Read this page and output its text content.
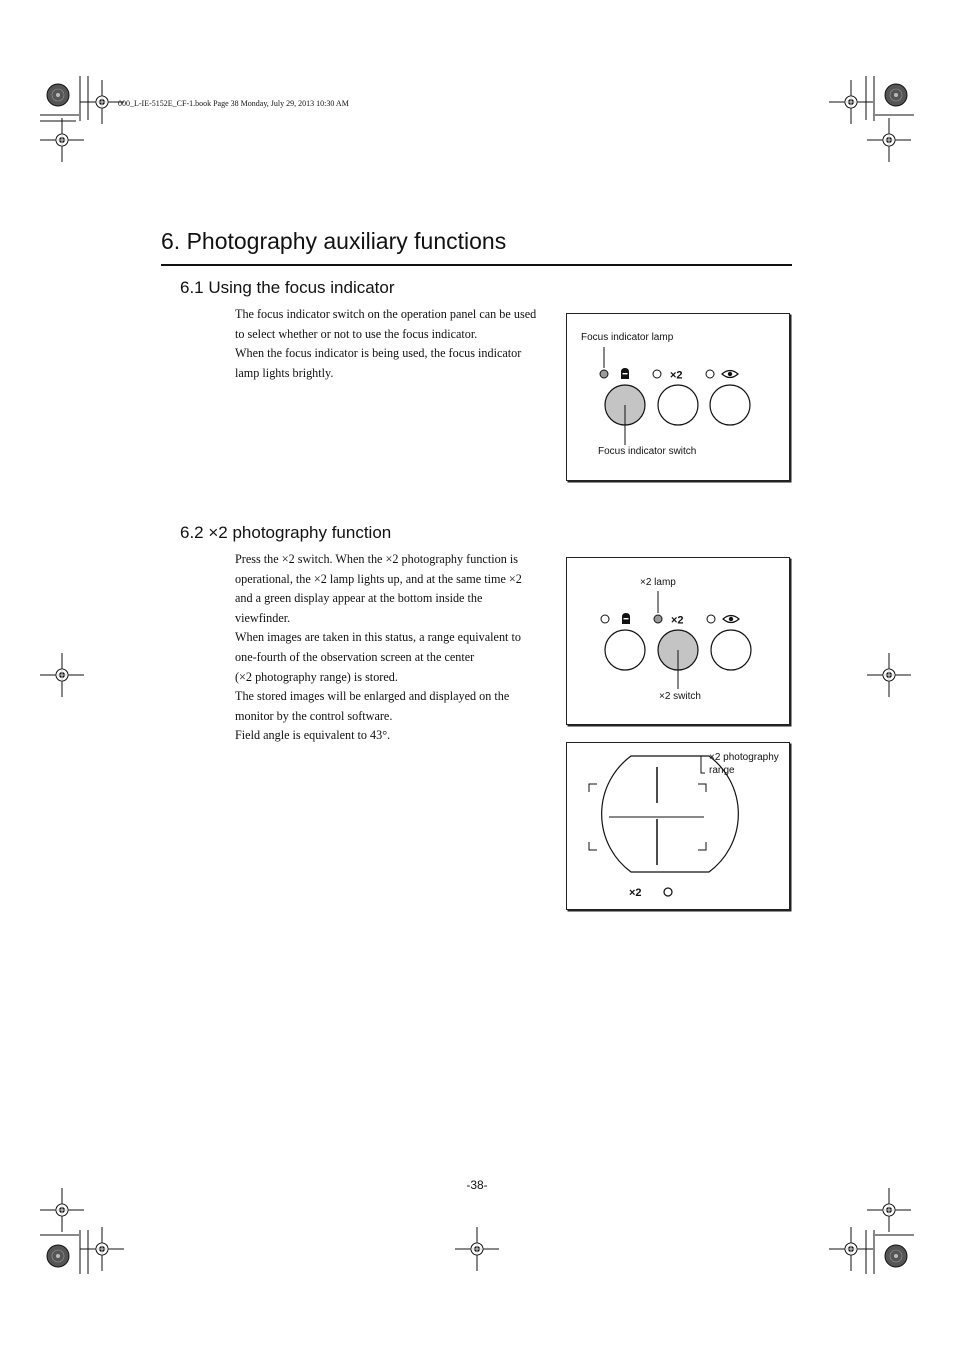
000_L-IE-5152E_CF-1.book Page 38 Monday, July 29, 2013 10:30 AM
6. Photography auxiliary functions
6.1 Using the focus indicator
The focus indicator switch on the operation panel can be used
to select whether or not to use the focus indicator.
When the focus indicator is being used, the focus indicator
lamp lights brightly.
Focus indicator lamp
×2
Focus indicator switch
6.2 ×2 photography function
Press the ×2 switch. When the ×2 photography function is
operational, the ×2 lamp lights up, and at the same time ×2
and a green display appear at the bottom inside the
viewfinder.
When images are taken in this status, a range equivalent to
one-fourth of the observation screen at the center
(×2 photography range) is stored.
The stored images will be enlarged and displayed on the
monitor by the control software.
Field angle is equivalent to 43°.
×2 lamp
×2
×2 switch
×2 photography
range
×2
-38-
